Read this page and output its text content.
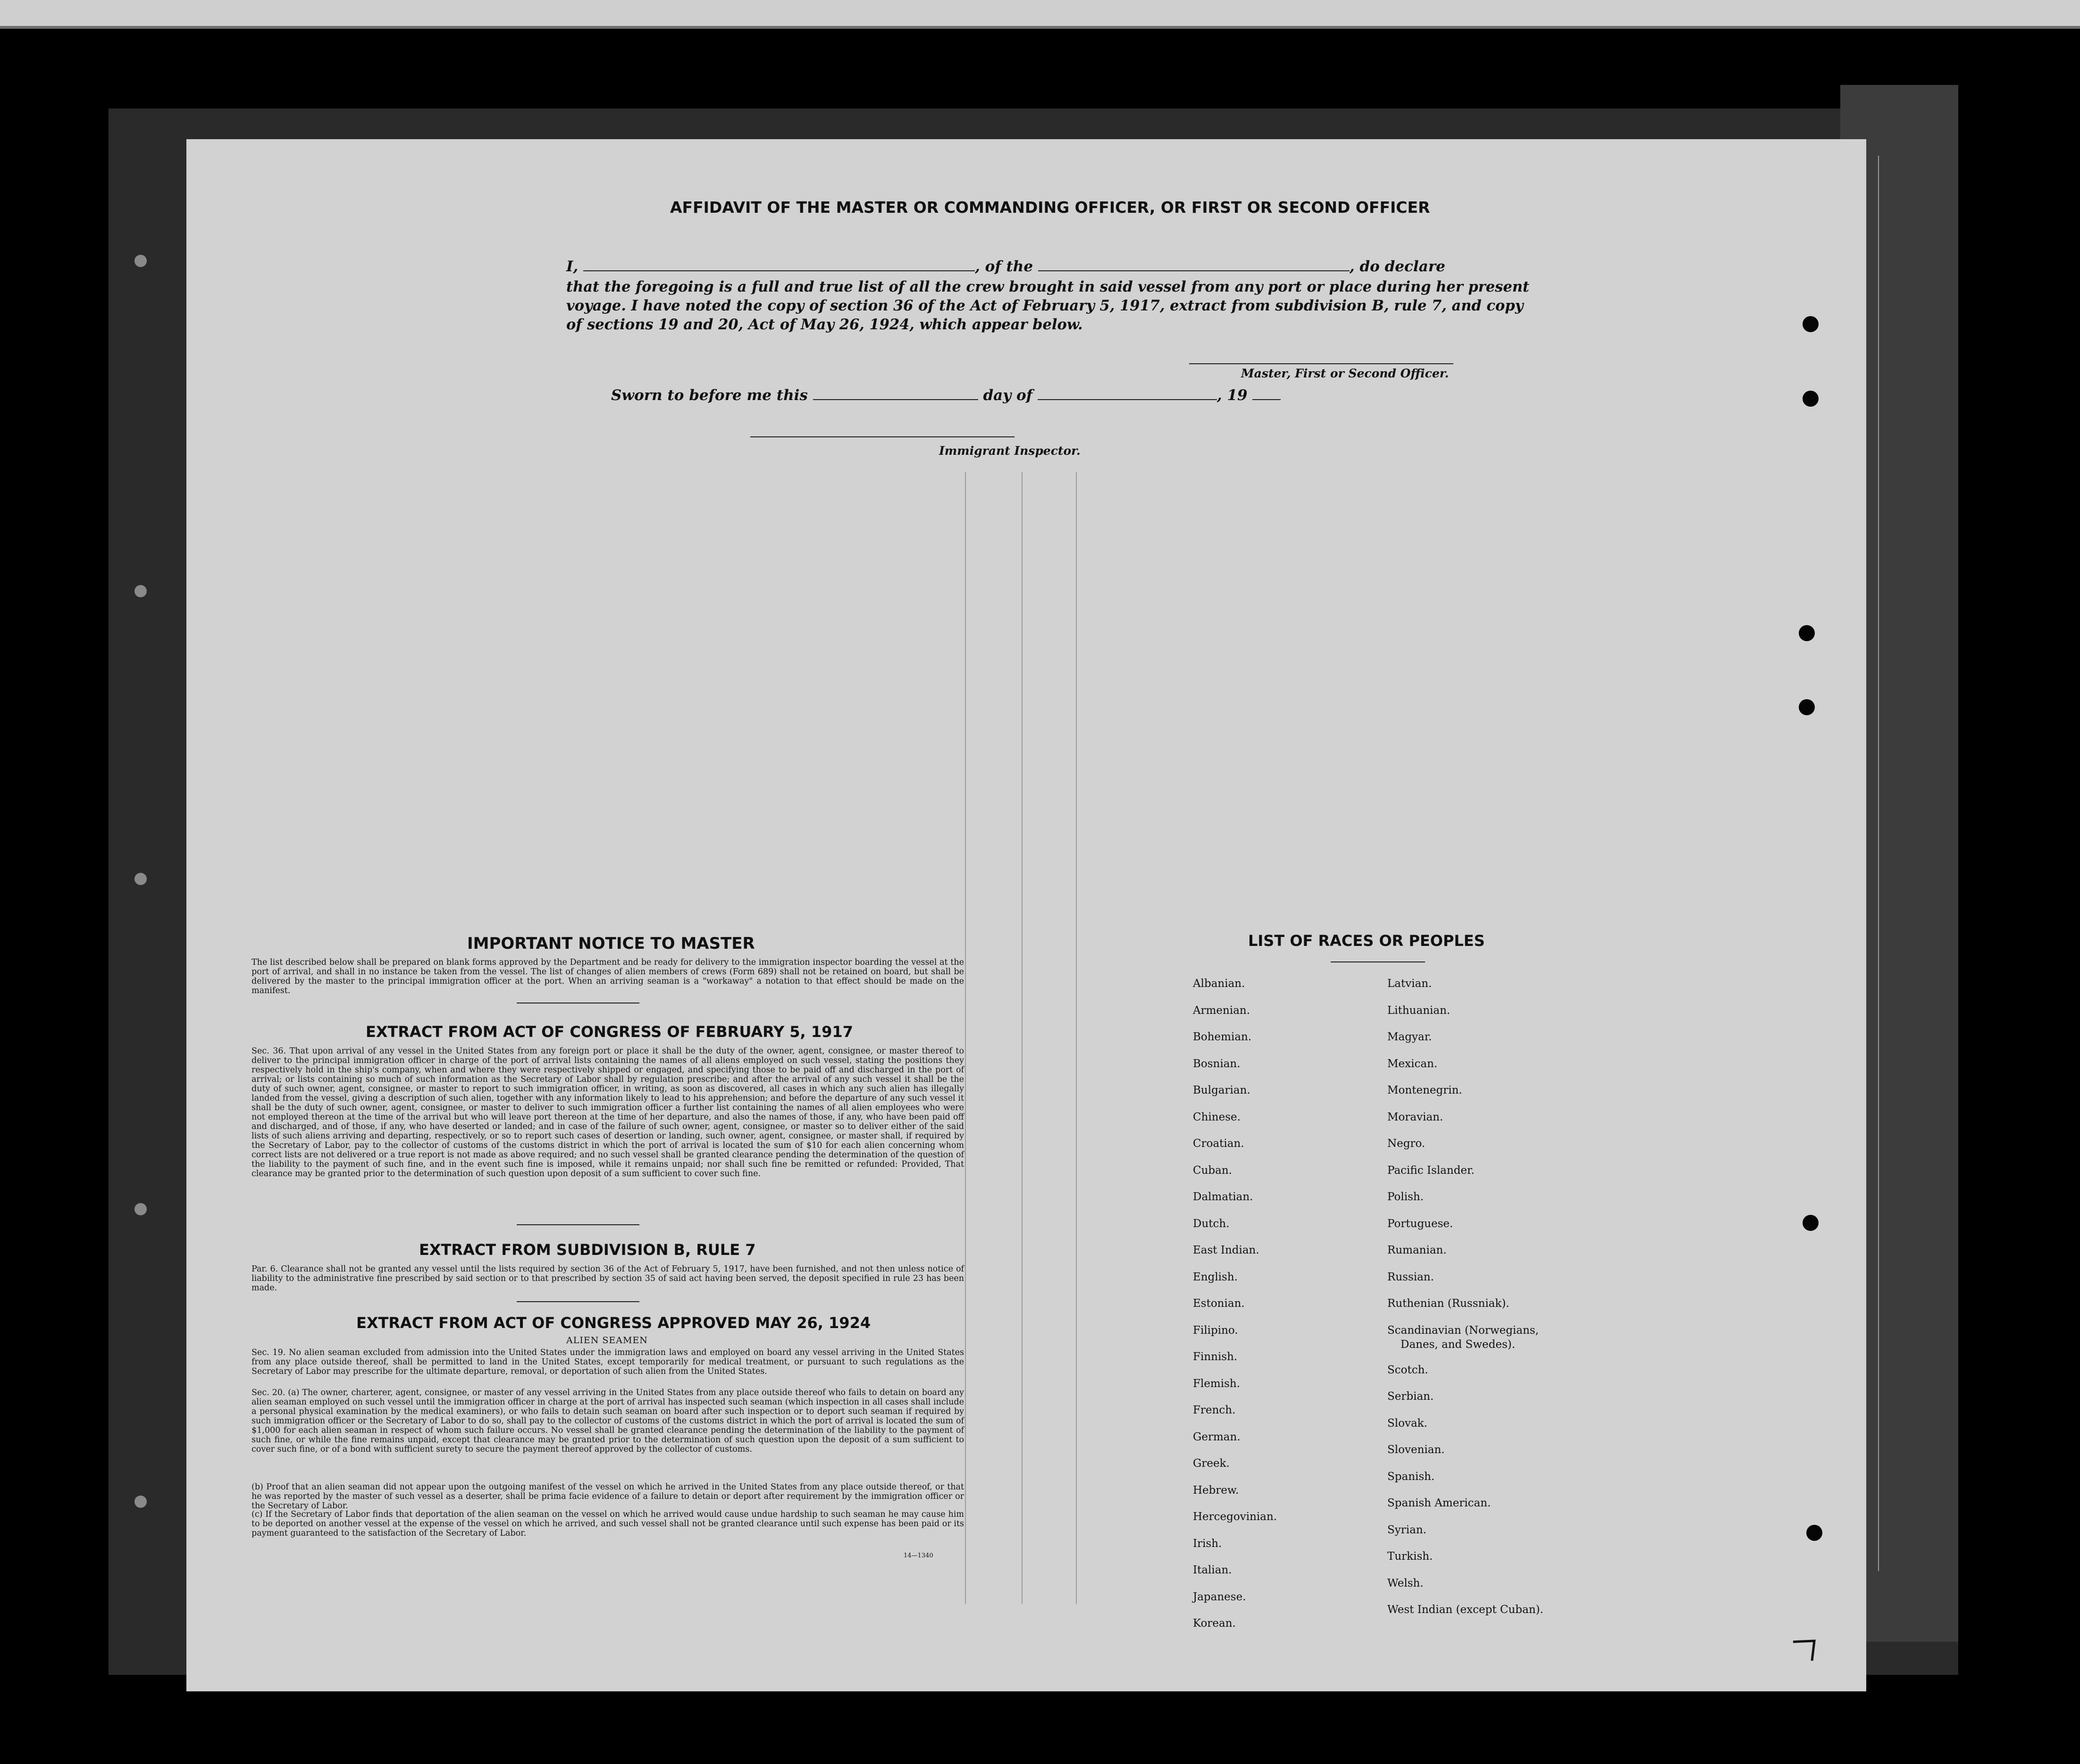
AFFIDAVIT OF THE MASTER OR COMMANDING OFFICER, OR FIRST OR SECOND OFFICER
I,	, of the	, do declare
that the foregoing is a full and true list of all the crew brought in said vessel from any port or place during her present
voyage. I have noted the copy of section 36 of the Act of February 5, 1917, extract from subdivision B, rule 7, and copy
of sections 19 and 20, Act of May 26, 1924, which appear below.
Master, First or Second Officer.
Sworn to before me this	day of	, 19
Immigrant Inspector.
IMPORTANT NOTICE TO MASTER
The list described below shall be prepared on blank forms approved by the Department and be ready for delivery to the immigration inspector boarding the vessel at the port of arrival, and shall in no instance be taken from the vessel. The list of changes of alien members of crews (Form 689) shall not be retained on board, but shall be delivered by the master to the principal immigration officer at the port. When an arriving seaman is a "workaway" a notation to that effect should be made on the manifest.
EXTRACT FROM ACT OF CONGRESS OF FEBRUARY 5, 1917
Sec. 36. That upon arrival of any vessel in the United States from any foreign port or place it shall be the duty of the owner, agent, consignee, or master thereof to deliver to the principal immigration officer in charge of the port of arrival lists containing the names of all aliens employed on such vessel, stating the positions they respectively hold in the ship's company, when and where they were respectively shipped or engaged, and specifying those to be paid off and discharged in the port of arrival; or lists containing so much of such information as the Secretary of Labor shall by regulation prescribe; and after the arrival of any such vessel it shall be the duty of such owner, agent, consignee, or master to report to such immigration officer, in writing, as soon as discovered, all cases in which any such alien has illegally landed from the vessel, giving a description of such alien, together with any information likely to lead to his apprehension; and before the departure of any such vessel it shall be the duty of such owner, agent, consignee, or master to deliver to such immigration officer a further list containing the names of all alien employees who were not employed thereon at the time of the arrival but who will leave port thereon at the time of her departure, and also the names of those, if any, who have been paid off and discharged, and of those, if any, who have deserted or landed; and in case of the failure of such owner, agent, consignee, or master so to deliver either of the said lists of such aliens arriving and departing, respectively, or so to report such cases of desertion or landing, such owner, agent, consignee, or master shall, if required by the Secretary of Labor, pay to the collector of customs of the customs district in which the port of arrival is located the sum of $10 for each alien concerning whom correct lists are not delivered or a true report is not made as above required; and no such vessel shall be granted clearance pending the determination of the question of the liability to the payment of such fine, and in the event such fine is imposed, while it remains unpaid; nor shall such fine be remitted or refunded: Provided, That clearance may be granted prior to the determination of such question upon deposit of a sum sufficient to cover such fine.
EXTRACT FROM SUBDIVISION B, RULE 7
Par. 6. Clearance shall not be granted any vessel until the lists required by section 36 of the Act of February 5, 1917, have been furnished, and not then unless notice of liability to the administrative fine prescribed by said section or to that prescribed by section 35 of said act having been served, the deposit specified in rule 23 has been made.
EXTRACT FROM ACT OF CONGRESS APPROVED MAY 26, 1924
ALIEN SEAMEN
Sec. 19. No alien seaman excluded from admission into the United States under the immigration laws and employed on board any vessel arriving in the United States from any place outside thereof, shall be permitted to land in the United States, except temporarily for medical treatment, or pursuant to such regulations as the Secretary of Labor may prescribe for the ultimate departure, removal, or deportation of such alien from the United States.
Sec. 20. (a) The owner, charterer, agent, consignee, or master of any vessel arriving in the United States from any place outside thereof who fails to detain on board any alien seaman employed on such vessel until the immigration officer in charge at the port of arrival has inspected such seaman (which inspection in all cases shall include a personal physical examination by the medical examiners), or who fails to detain such seaman on board after such inspection or to deport such seaman if required by such immigration officer or the Secretary of Labor to do so, shall pay to the collector of customs of the customs district in which the port of arrival is located the sum of $1,000 for each alien seaman in respect of whom such failure occurs. No vessel shall be granted clearance pending the determination of the liability to the payment of such fine, or while the fine remains unpaid, except that clearance may be granted prior to the determination of such question upon the deposit of a sum sufficient to cover such fine, or of a bond with sufficient surety to secure the payment thereof approved by the collector of customs.
(b) Proof that an alien seaman did not appear upon the outgoing manifest of the vessel on which he arrived in the United States from any place outside thereof, or that he was reported by the master of such vessel as a deserter, shall be prima facie evidence of a failure to detain or deport after requirement by the immigration officer or the Secretary of Labor.
(c) If the Secretary of Labor finds that deportation of the alien seaman on the vessel on which he arrived would cause undue hardship to such seaman he may cause him to be deported on another vessel at the expense of the vessel on which he arrived, and such vessel shall not be granted clearance until such expense has been paid or its payment guaranteed to the satisfaction of the Secretary of Labor.
14—1340
LIST OF RACES OR PEOPLES
Albanian.
Armenian.
Bohemian.
Bosnian.
Bulgarian.
Chinese.
Croatian.
Cuban.
Dalmatian.
Dutch.
East Indian.
English.
Estonian.
Filipino.
Finnish.
Flemish.
French.
German.
Greek.
Hebrew.
Hercegovinian.
Irish.
Italian.
Japanese.
Korean.
Latvian.
Lithuanian.
Magyar.
Mexican.
Montenegrin.
Moravian.
Negro.
Pacific Islander.
Polish.
Portuguese.
Rumanian.
Russian.
Ruthenian (Russniak).
Scandinavian (Norwegians,
Danes, and Swedes).
Scotch.
Serbian.
Slovak.
Slovenian.
Spanish.
Spanish American.
Syrian.
Turkish.
Welsh.
West Indian (except Cuban).
